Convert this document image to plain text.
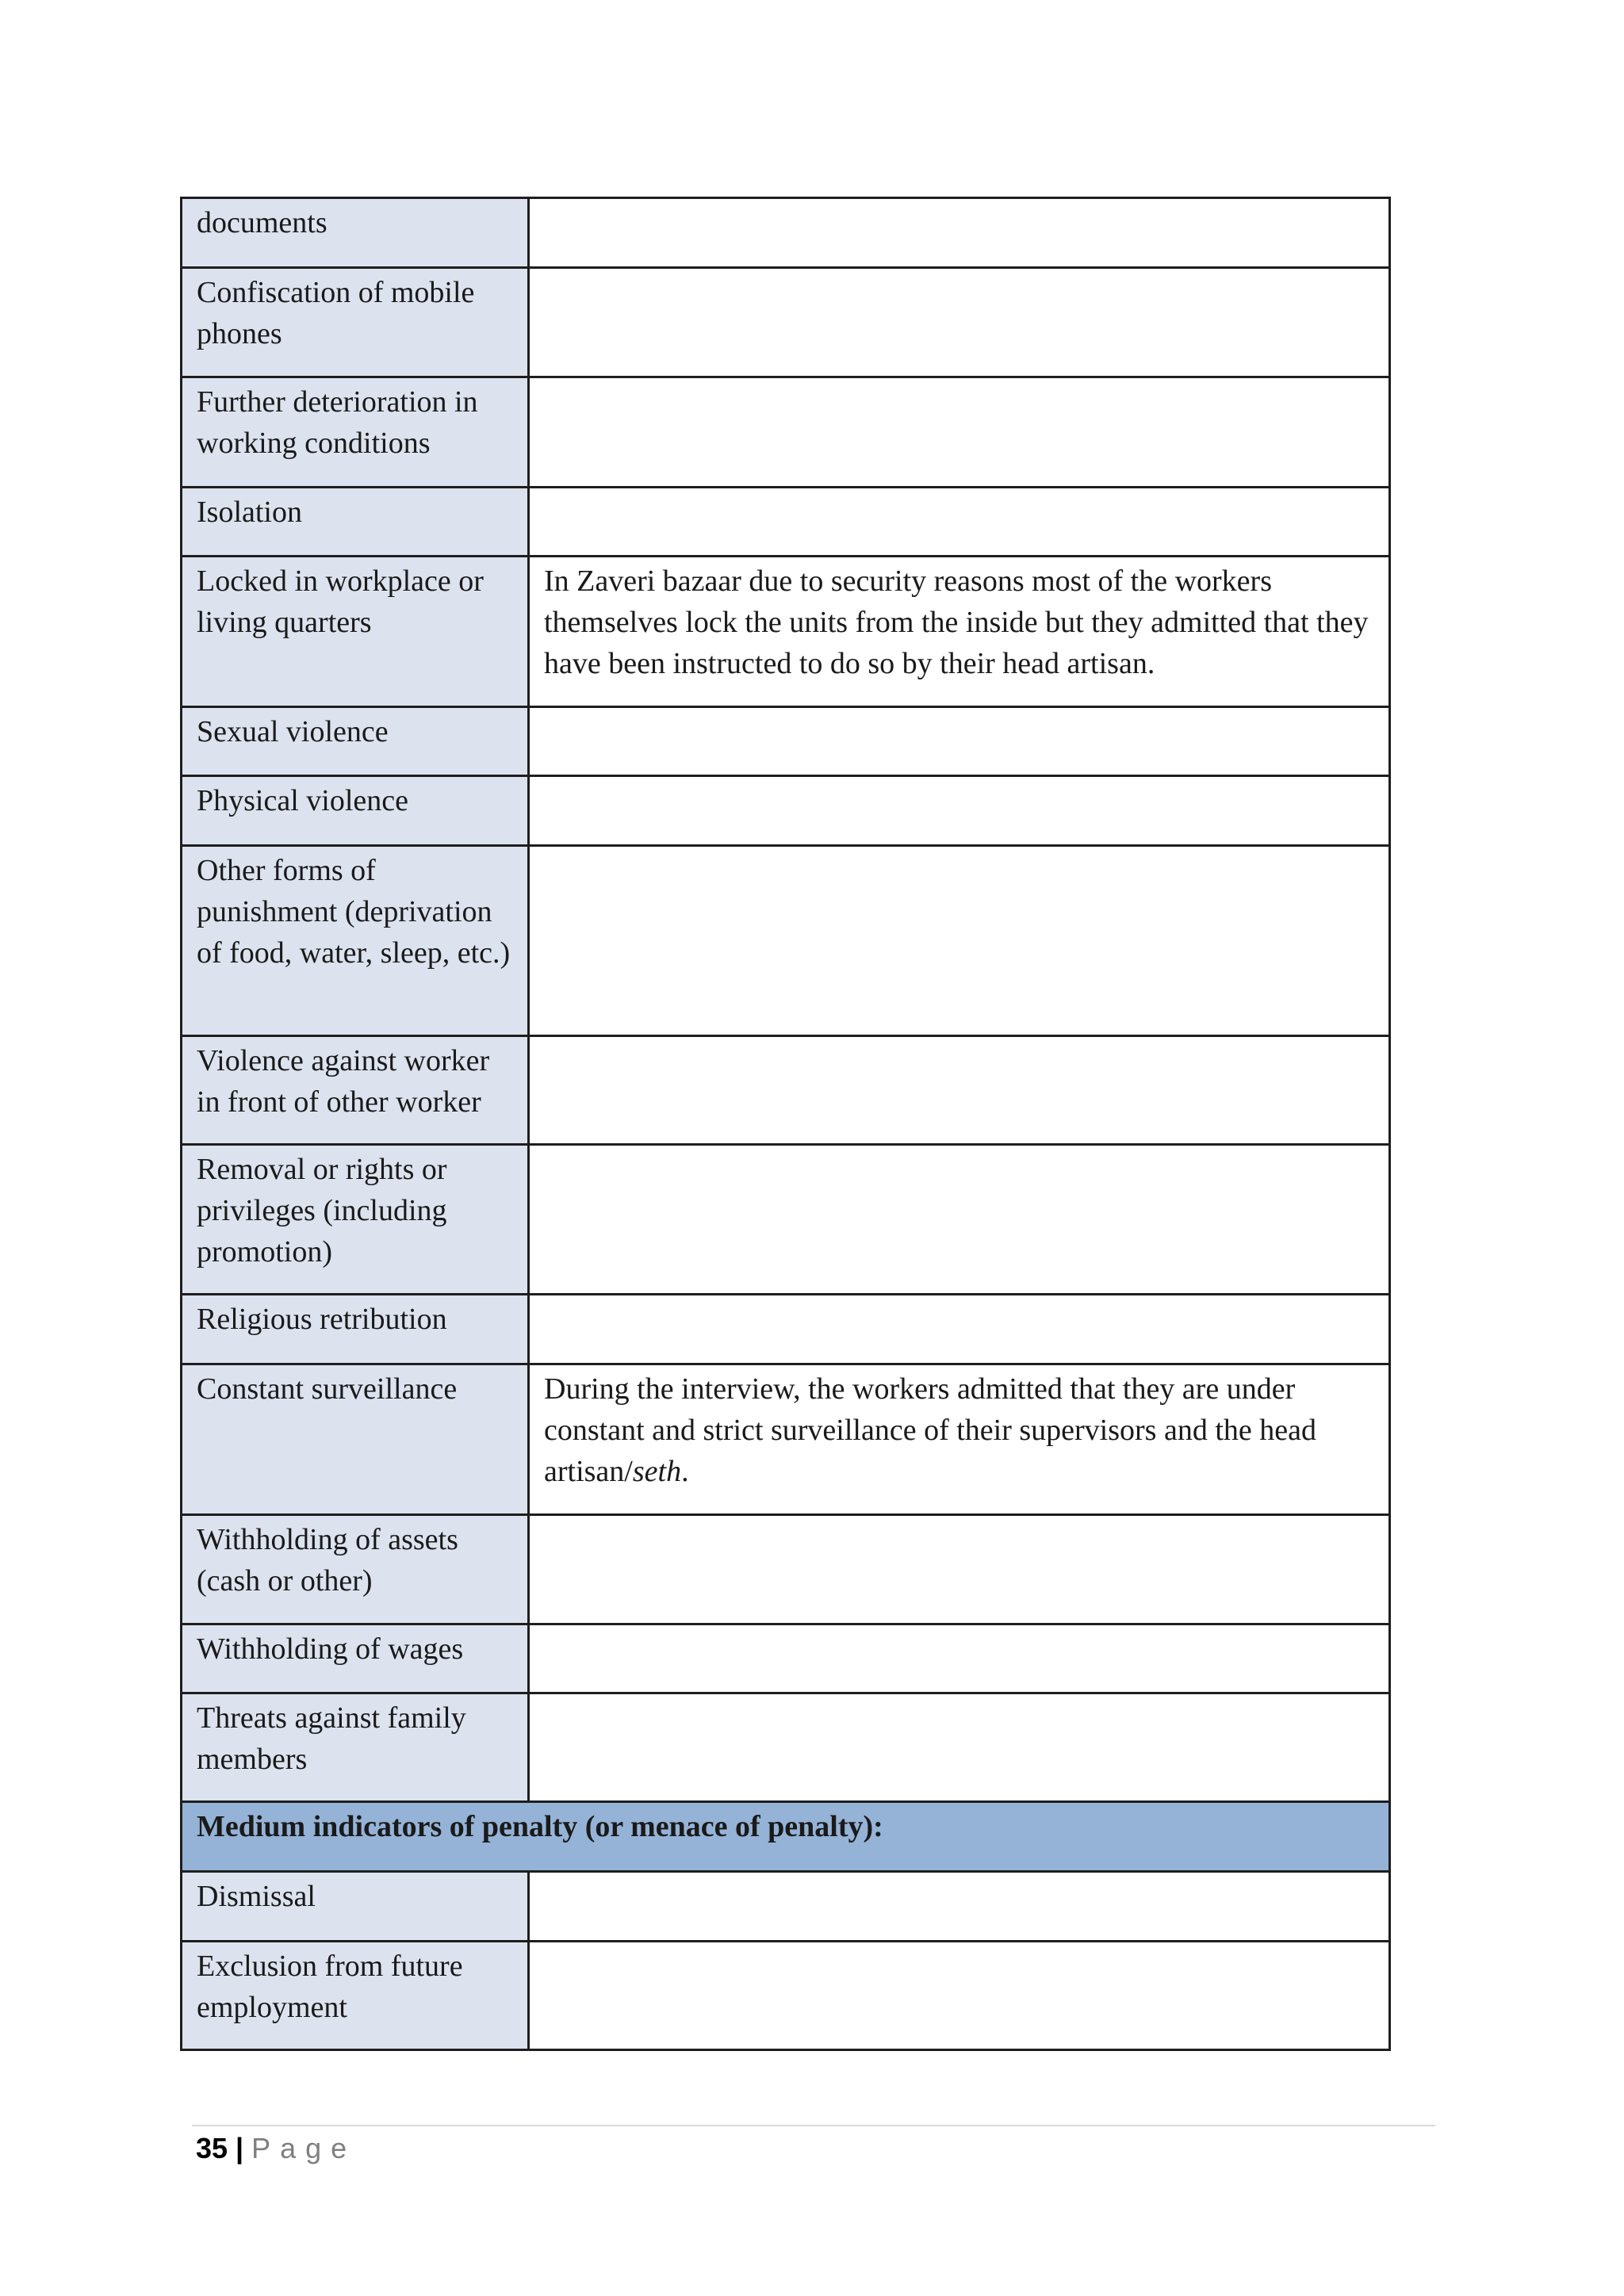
documents	
Confiscation of mobile phones	
Further deterioration in working conditions	
Isolation	
Locked in workplace or living quarters	In Zaveri bazaar due to security reasons most of the workers themselves lock the units from the inside but they admitted that they have been instructed to do so by their head artisan.
Sexual violence	
Physical violence	
Other forms of punishment (deprivation of food, water, sleep, etc.)	
Violence against worker in front of other worker	
Removal or rights or privileges (including promotion)	
Religious retribution	
Constant surveillance	During the interview, the workers admitted that they are under constant and strict surveillance of their supervisors and the head artisan/seth.
Withholding of assets (cash or other)	
Withholding of wages	
Threats against family members	
Medium indicators of penalty (or menace of penalty):	
Dismissal	
Exclusion from future employment	
35 | Page
